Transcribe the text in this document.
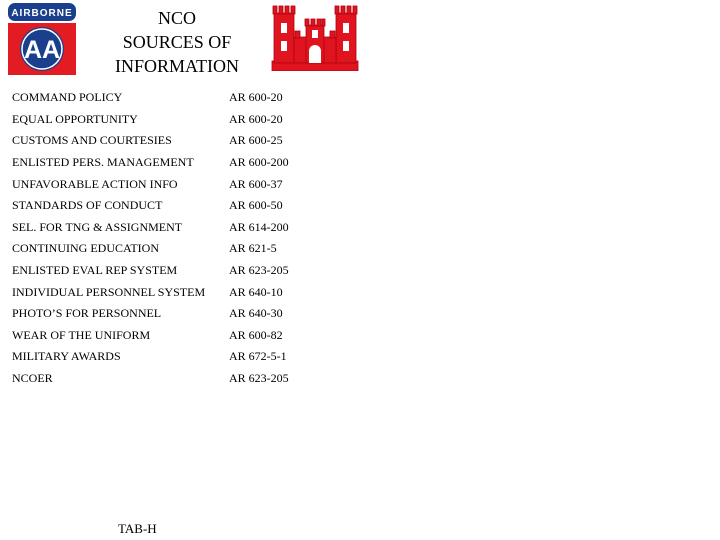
AIRBORNE
AA
NCO
SOURCES OF
INFORMATION
COMMAND POLICY	AR 600-20
EQUAL OPPORTUNITY	AR 600-20
CUSTOMS AND COURTESIES	AR 600-25
ENLISTED PERS. MANAGEMENT	AR 600-200
UNFAVORABLE ACTION INFO	AR 600-37
STANDARDS OF CONDUCT	AR 600-50
SEL. FOR TNG & ASSIGNMENT	AR 614-200
CONTINUING EDUCATION	AR 621-5
ENLISTED EVAL REP SYSTEM	AR 623-205
INDIVIDUAL PERSONNEL SYSTEM	AR 640-10
PHOTO’S FOR PERSONNEL	AR 640-30
WEAR OF THE UNIFORM	AR 600-82
MILITARY AWARDS	AR 672-5-1
NCOER	AR 623-205
TAB-H
